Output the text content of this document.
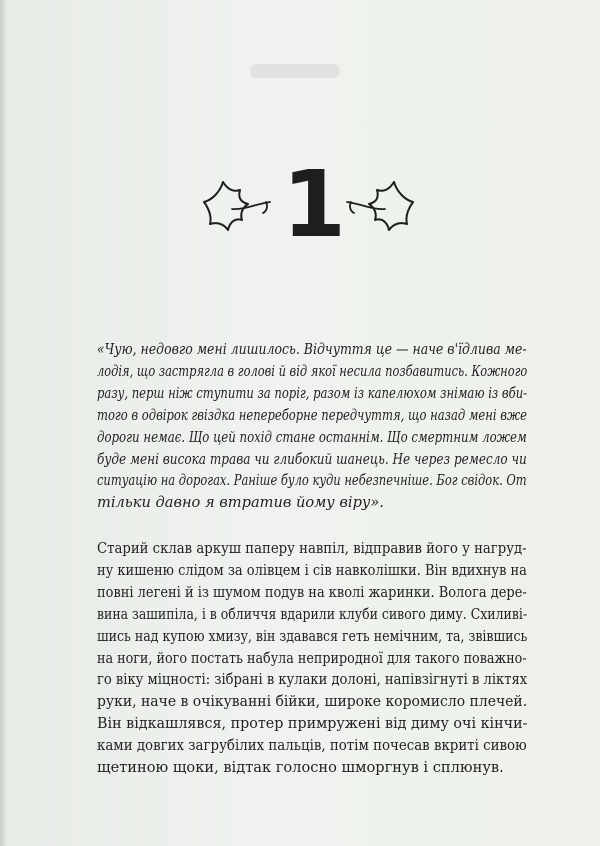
1
«Чую, недовго мені лишилось. Відчуття це — наче в'їдлива ме-
лодія, що застрягла в голові й від якої несила позбавитись. Кожного
разу, перш ніж ступити за поріг, разом із капелюхом знімаю із вби-
того в одвірок гвіздка непереборне передчуття, що назад мені вже
дороги немає. Що цей похід стане останнім. Що смертним ложем
буде мені висока трава чи глибокий шанець. Не через ремесло чи
ситуацію на дорогах. Раніше було куди небезпечніше. Бог свідок. От
тільки давно я втратив йому віру».
Старий склав аркуш паперу навпіл, відправив його у нагруд-
ну кишеню слідом за олівцем і сів навколішки. Він вдихнув на
повні легені й із шумом подув на кволі жаринки. Волога дере-
вина зашипіла, і в обличчя вдарили клуби сивого диму. Схиливі-
шись над купою хмизу, він здавався геть немічним, та, звівшись
на ноги, його постать набула неприродної для такого поважно-
го віку міцності: зібрані в кулаки долоні, напівзігнуті в ліктях
руки, наче в очікуванні бійки, широке коромисло плечей.
Він відкашлявся, протер примружені від диму очі кінчи-
ками довгих загрубілих пальців, потім почесав вкриті сивою
щетиною щоки, відтак голосно шморгнув і сплюнув.
